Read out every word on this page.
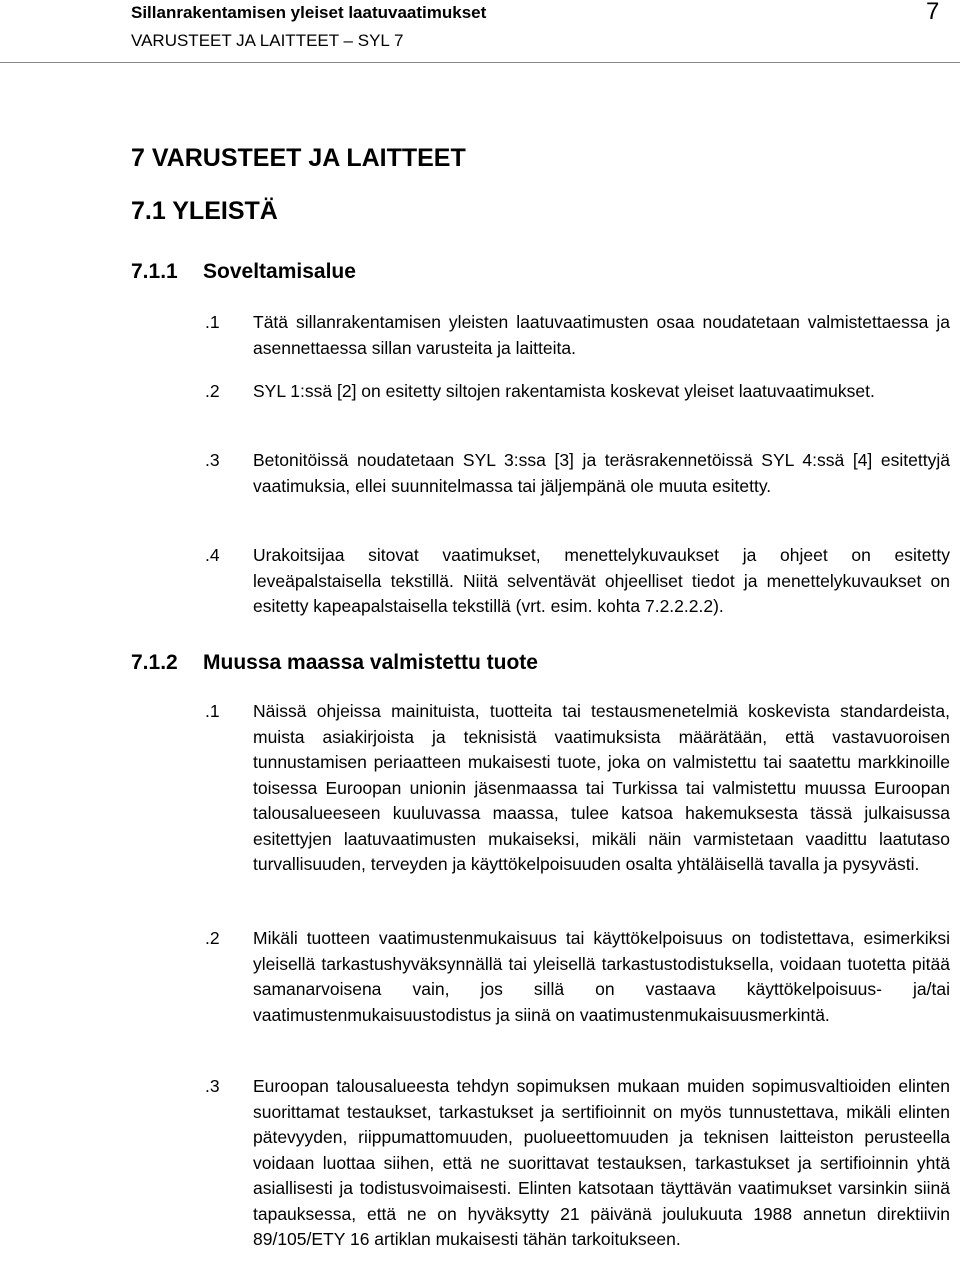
Sillanrakentamisen yleiset laatuvaatimukset
VARUSTEET JA LAITTEET – SYL 7
7
7 VARUSTEET JA LAITTEET
7.1 YLEISTÄ
7.1.1 Soveltamisalue
.1 Tätä sillanrakentamisen yleisten laatuvaatimusten osaa noudatetaan valmistettaessa ja asennettaessa sillan varusteita ja laitteita.
.2 SYL 1:ssä [2] on esitetty siltojen rakentamista koskevat yleiset laatuvaatimukset.
.3 Betonitöissä noudatetaan SYL 3:ssa [3] ja teräsrakennetöissä SYL 4:ssä [4] esitettyjä vaatimuksia, ellei suunnitelmassa tai jäljempänä ole muuta esitetty.
.4 Urakoitsijaa sitovat vaatimukset, menettelykuvaukset ja ohjeet on esitetty leveäpalstaisella tekstillä. Niitä selventävät ohjeelliset tiedot ja menettelykuvaukset on esitetty kapeapalstaisella tekstillä (vrt. esim. kohta 7.2.2.2.2).
7.1.2 Muussa maassa valmistettu tuote
.1 Näissä ohjeissa mainituista, tuotteita tai testausmenetelmiä koskevista standardeista, muista asiakirjoista ja teknisistä vaatimuksista määrätään, että vastavuoroisen tunnustamisen periaatteen mukaisesti tuote, joka on valmistettu tai saatettu markkinoille toisessa Euroopan unionin jäsenmaassa tai Turkissa tai valmistettu muussa Euroopan talousalueeseen kuuluvassa maassa, tulee katsoa hakemuksesta tässä julkaisussa esitettyjen laatuvaatimusten mukaiseksi, mikäli näin varmistetaan vaadittu laatutaso turvallisuuden, terveyden ja käyttökelpoisuuden osalta yhtäläisellä tavalla ja pysyvästi.
.2 Mikäli tuotteen vaatimustenmukaisuus tai käyttökelpoisuus on todistettava, esimerkiksi yleisellä tarkastushyväksynnällä tai yleisellä tarkastustodistuksella, voidaan tuotetta pitää samanarvoisena vain, jos sillä on vastaava käyttökelpoisuus- ja/tai vaatimustenmukaisuustodistus ja siinä on vaatimustenmukaisuusmerkintä.
.3 Euroopan talousalueesta tehdyn sopimuksen mukaan muiden sopimusvaltioiden elinten suorittamat testaukset, tarkastukset ja sertifioinnit on myös tunnustettava, mikäli elinten pätevyyden, riippumattomuuden, puolueettomuuden ja teknisen laitteiston perusteella voidaan luottaa siihen, että ne suorittavat testauksen, tarkastukset ja sertifioinnin yhtä asiallisesti ja todistusvoimaisesti. Elinten katsotaan täyttävän vaatimukset varsinkin siinä tapauksessa, että ne on hyväksytty 21 päivänä joulukuuta 1988 annetun direktiivin 89/105/ETY 16 artiklan mukaisesti tähän tarkoitukseen.
